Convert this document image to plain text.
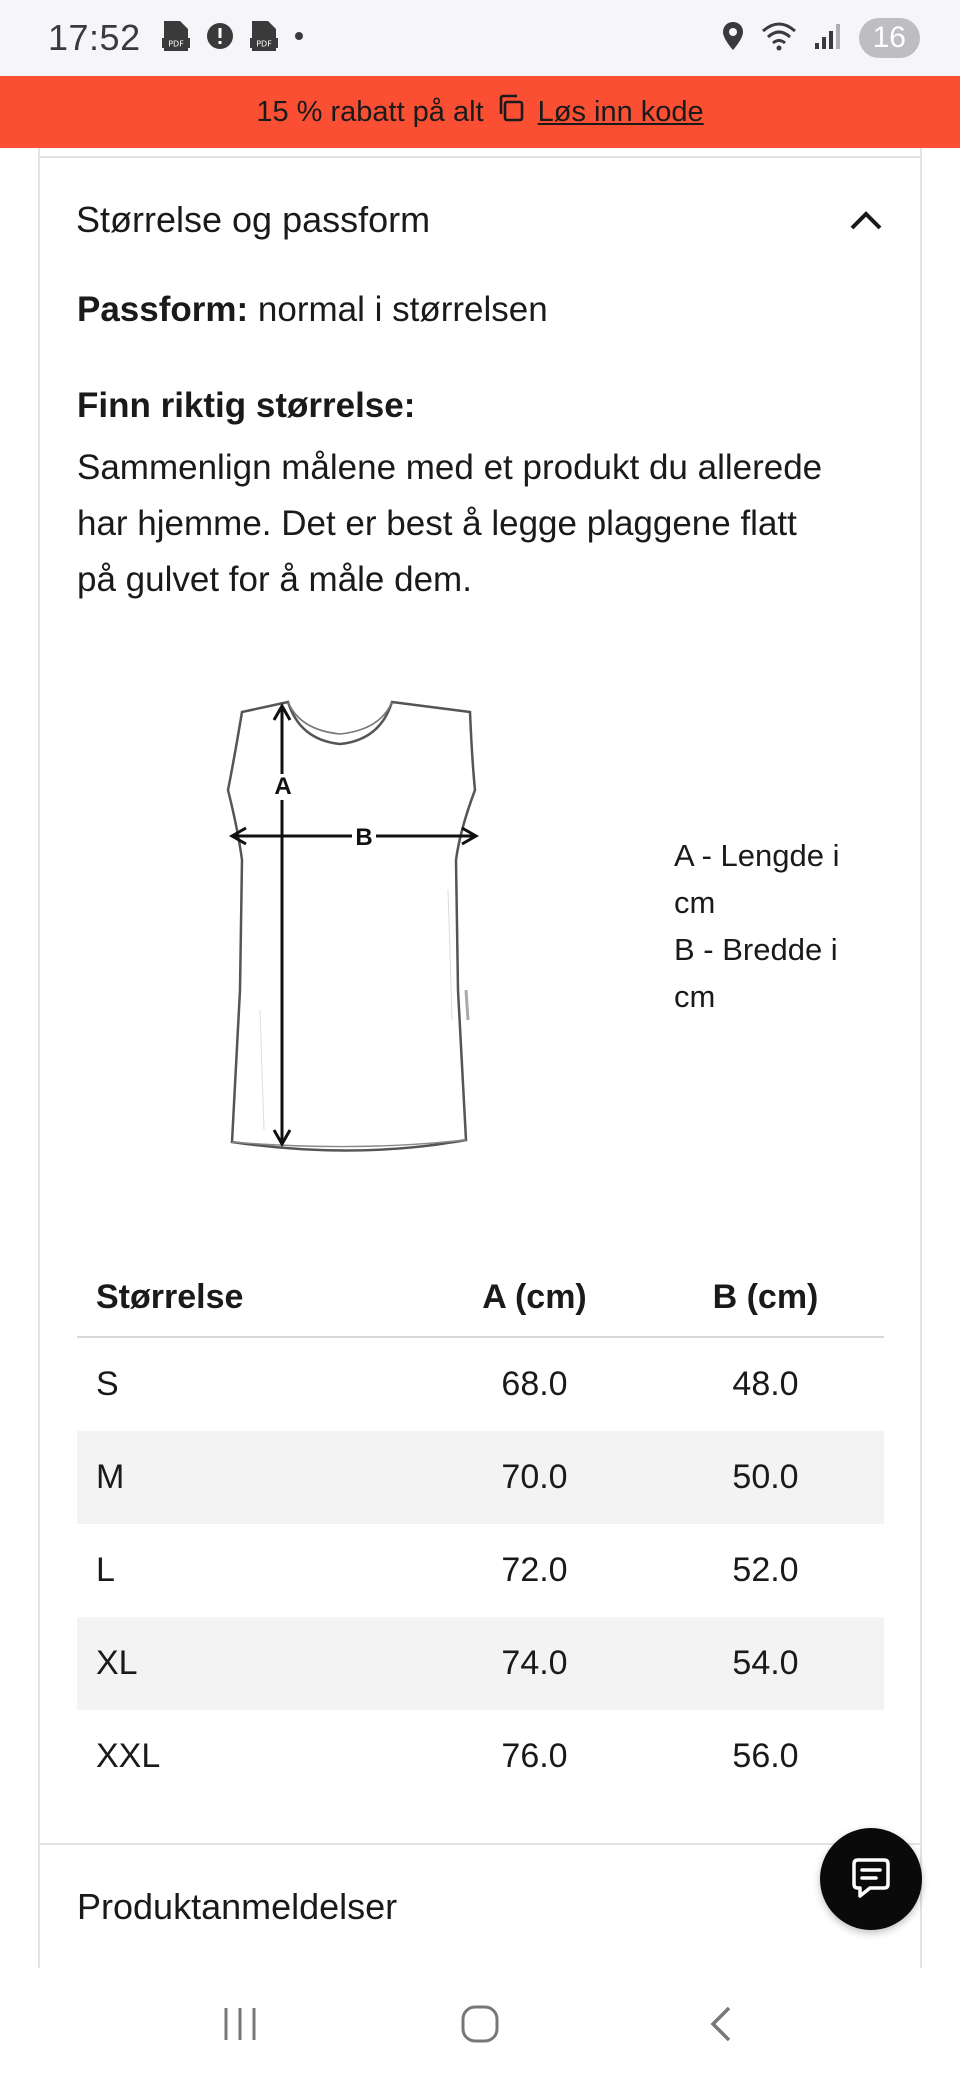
17:52	PDF	PDF	16
15 % rabatt på alt Løs inn kode
Størrelse og passform
Passform: normal i størrelsen
Finn riktig størrelse:
Sammenlign målene med et produkt du allerede har hjemme. Det er best å legge plaggene flatt på gulvet for å måle dem.
A
B
A - Lengde i cm
B - Bredde i cm
Størrelse	A (cm)	B (cm)
S	68.0	48.0
M	70.0	50.0
L	72.0	52.0
XL	74.0	54.0
XXL	76.0	56.0
Produktanmeldelser
